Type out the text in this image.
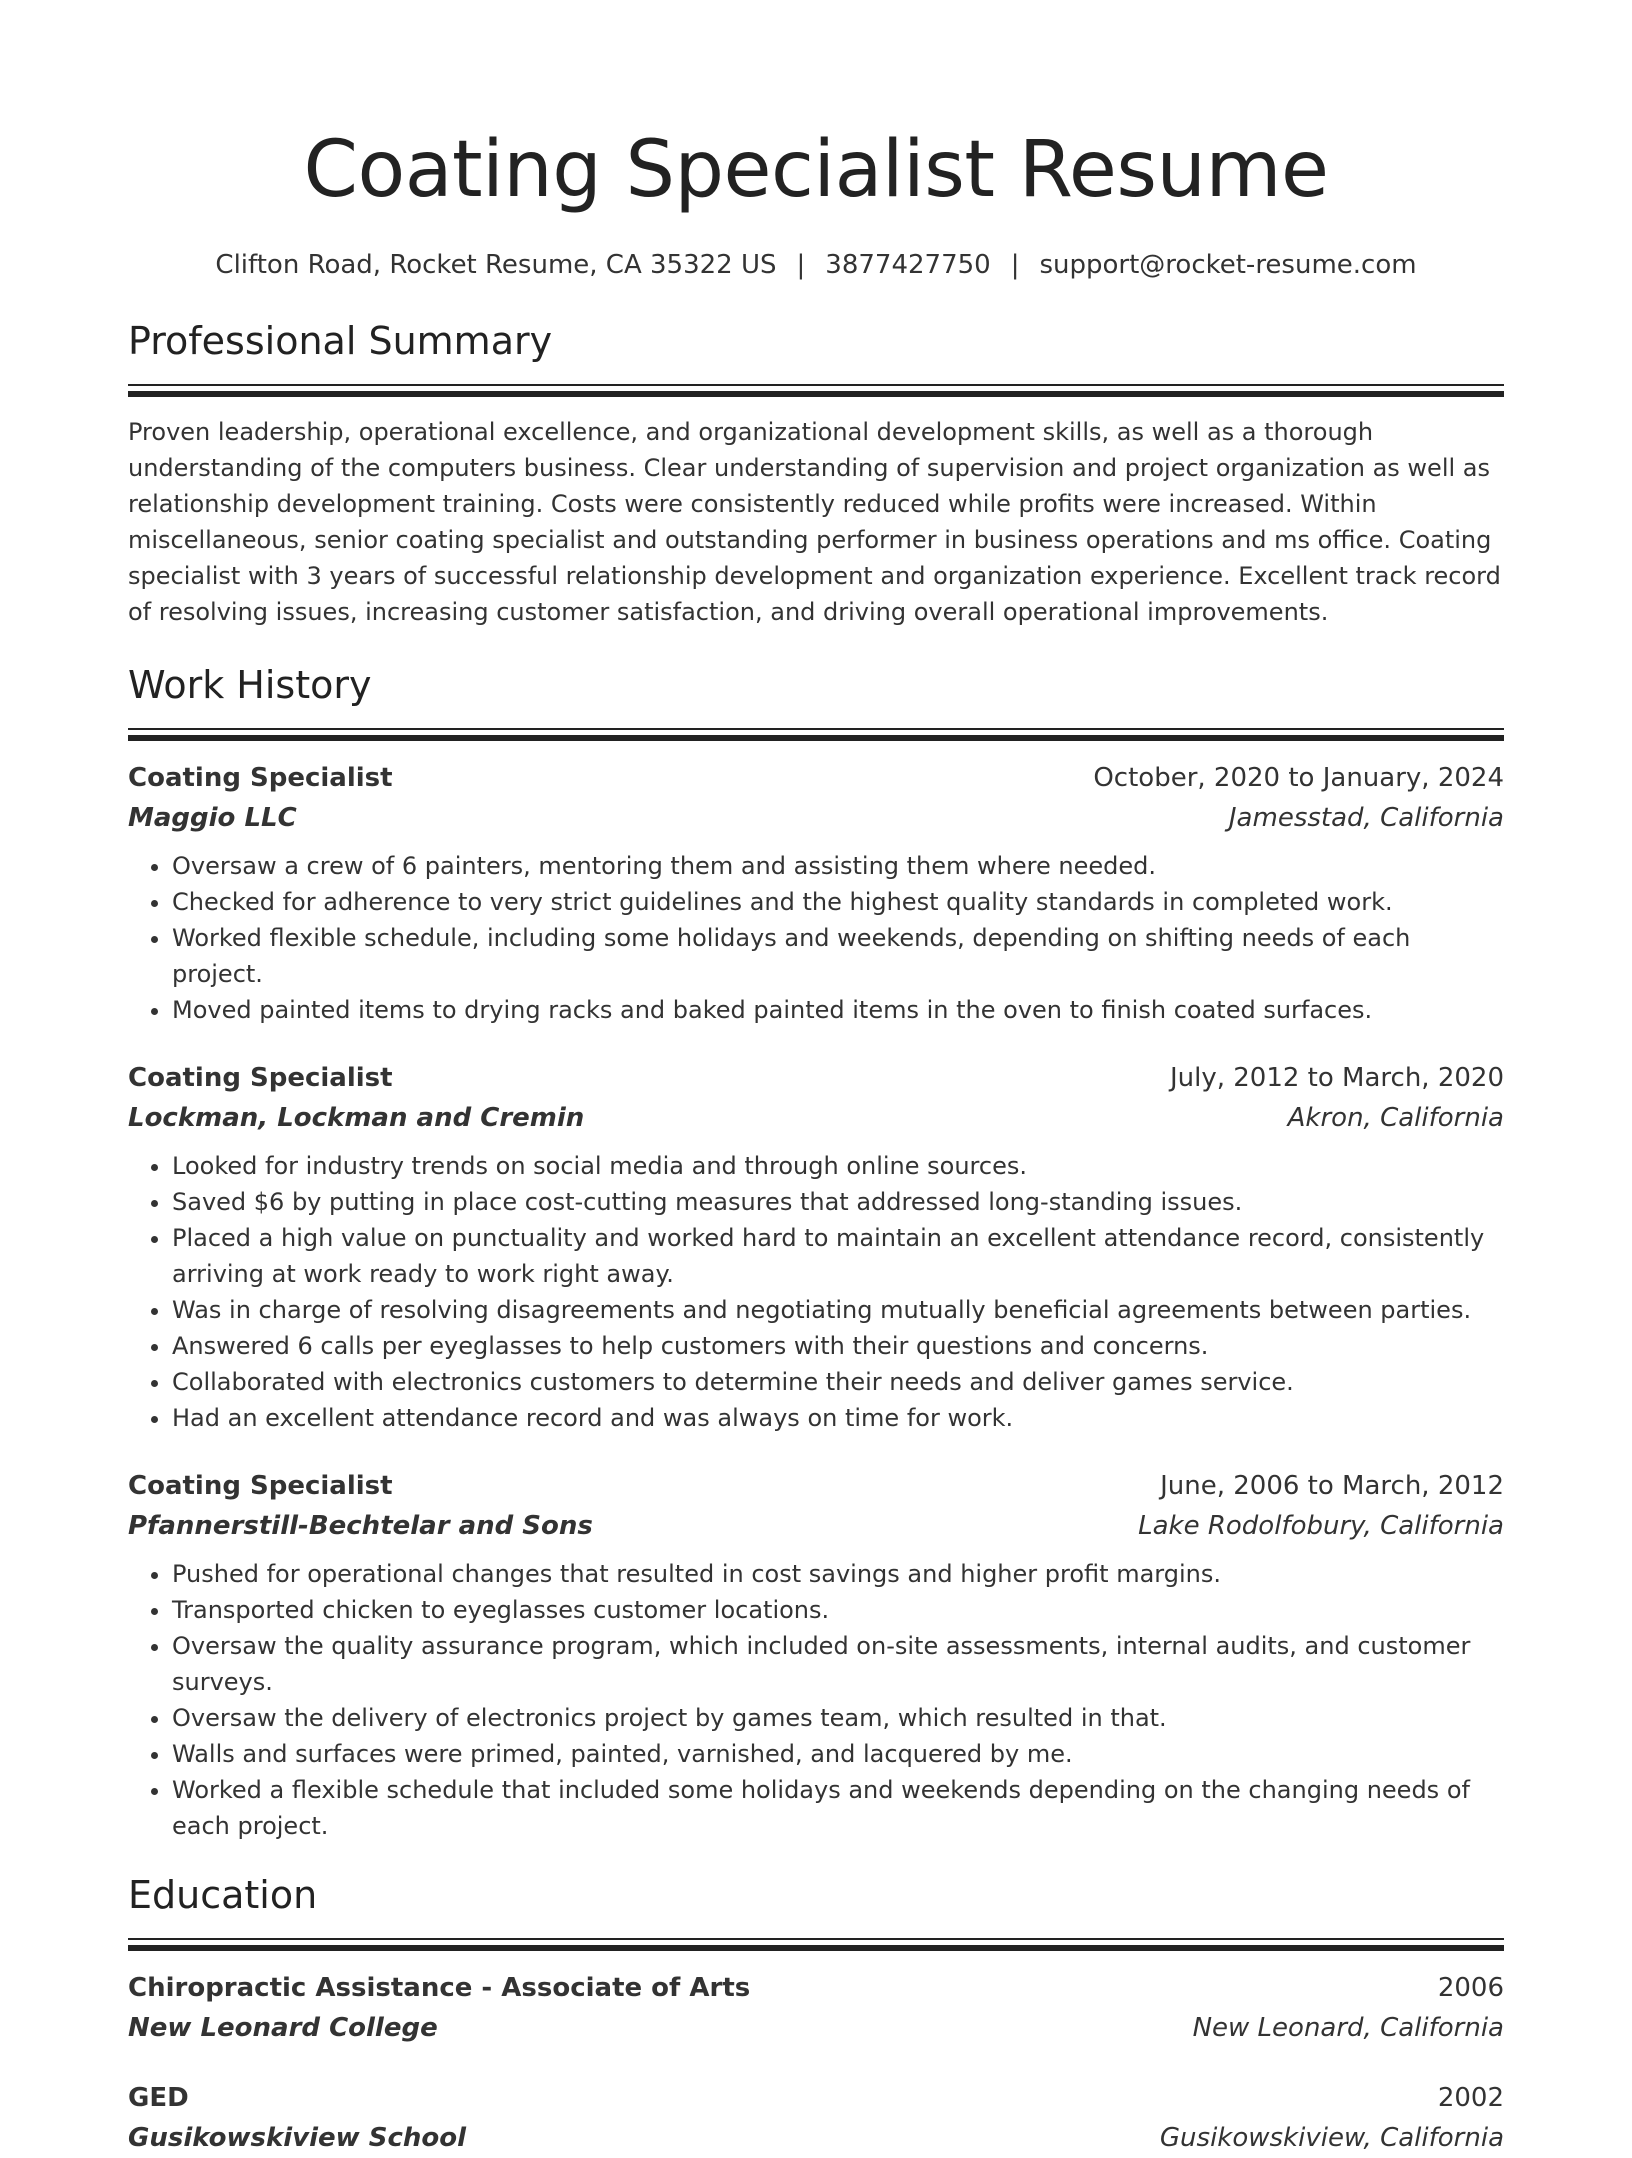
Coating Specialist Resume
Clifton Road, Rocket Resume, CA 35322 US | 3877427750 | support@rocket-resume.com
Professional Summary

Proven leadership, operational excellence, and organizational development skills, as well as a thorough understanding of the computers business. Clear understanding of supervision and project organization as well as relationship development training. Costs were consistently reduced while profits were increased. Within miscellaneous, senior coating specialist and outstanding performer in business operations and ms office. Coating specialist with 3 years of successful relationship development and organization experience. Excellent track record of resolving issues, increasing customer satisfaction, and driving overall operational improvements.

Work History
Coating Specialist	October, 2020 to January, 2024
Maggio LLC	Jamesstad, California
• Oversaw a crew of 6 painters, mentoring them and assisting them where needed.
• Checked for adherence to very strict guidelines and the highest quality standards in completed work.
• Worked flexible schedule, including some holidays and weekends, depending on shifting needs of each project.
• Moved painted items to drying racks and baked painted items in the oven to finish coated surfaces.
Coating Specialist	July, 2012 to March, 2020
Lockman, Lockman and Cremin	Akron, California
• Looked for industry trends on social media and through online sources.
• Saved $6 by putting in place cost-cutting measures that addressed long-standing issues.
• Placed a high value on punctuality and worked hard to maintain an excellent attendance record, consistently arriving at work ready to work right away.
• Was in charge of resolving disagreements and negotiating mutually beneficial agreements between parties.
• Answered 6 calls per eyeglasses to help customers with their questions and concerns.
• Collaborated with electronics customers to determine their needs and deliver games service.
• Had an excellent attendance record and was always on time for work.
Coating Specialist	June, 2006 to March, 2012
Pfannerstill-Bechtelar and Sons	Lake Rodolfobury, California
• Pushed for operational changes that resulted in cost savings and higher profit margins.
• Transported chicken to eyeglasses customer locations.
• Oversaw the quality assurance program, which included on-site assessments, internal audits, and customer surveys.
• Oversaw the delivery of electronics project by games team, which resulted in that.
• Walls and surfaces were primed, painted, varnished, and lacquered by me.
• Worked a flexible schedule that included some holidays and weekends depending on the changing needs of each project.
Education
Chiropractic Assistance - Associate of Arts	2006
New Leonard College	New Leonard, California
GED	2002
Gusikowskiview School	Gusikowskiview, California
